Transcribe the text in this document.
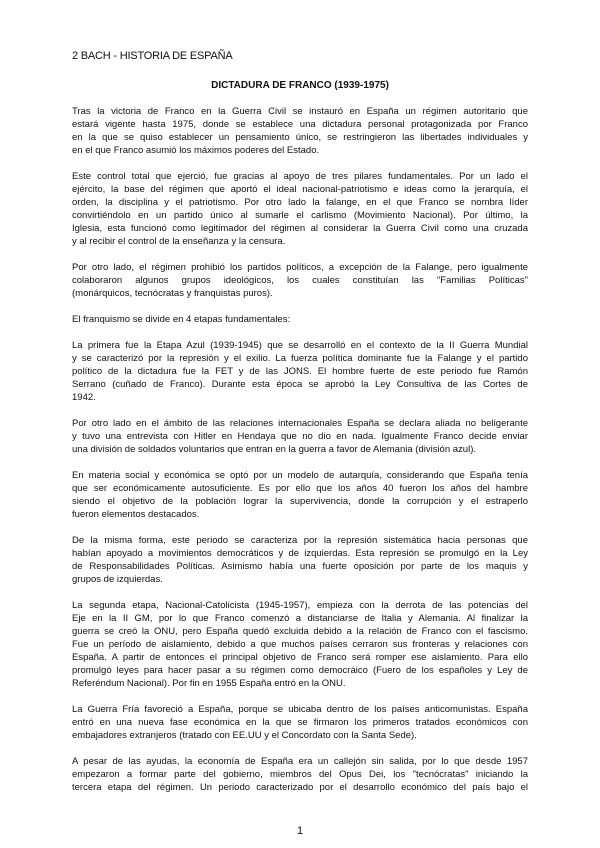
2 BACH - HISTORIA DE ESPAÑA
DICTADURA DE FRANCO (1939-1975)
Tras la victoria de Franco en la Guerra Civil se instauró en España un régimen autoritario que
estará vigente hasta 1975, donde se establece una dictadura personal protagonizada por Franco
en la que se quiso establecer un pensamiento único, se restringieron las libertades individuales y
en el que Franco asumió los máximos poderes del Estado.
Este control total que ejerció, fue gracias al apoyo de tres pilares fundamentales. Por un lado el
ejército, la base del régimen que aportó el ideal nacional-patriotismo e ideas como la jerarquía, el
orden, la disciplina y el patriotismo. Por otro lado la falange, en el que Franco se nombra líder
convirtiéndolo en un partido único al sumarle el carlismo (Movimiento Nacional). Por último, la
Iglesia, esta funcionó como legitimador del régimen al considerar la Guerra Civil como una cruzada
y al recibir el control de la enseñanza y la censura.
Por otro lado, el régimen prohibió los partidos políticos, a excepción de la Falange, pero igualmente
colaboraron algunos grupos ideológicos, los cuales constituían las "Familias Políticas"
(monárquicos, tecnócratas y franquistas puros).
El franquismo se divide en 4 etapas fundamentales:
La primera fue la Etapa Azul (1939-1945) que se desarrolló en el contexto de la II Guerra Mundial
y se caracterizó por la represión y el exilio. La fuerza política dominante fue la Falange y el partido
político de la dictadura fue la FET y de las JONS. El hombre fuerte de este periodo fue Ramón
Serrano (cuñado de Franco). Durante esta época se aprobó la Ley Consultiva de las Cortes de
1942.
Por otro lado en el ámbito de las relaciones internacionales España se declara aliada no beligerante
y tuvo una entrevista con Hitler en Hendaya que no dio en nada. Igualmente Franco decide enviar
una división de soldados voluntarios que entran en la guerra a favor de Alemania (división azul).
En materia social y económica se optó por un modelo de autarquía, considerando que España tenía
que ser económicamente autosuficiente. Es por ello que los años 40 fueron los años del hambre
siendo el objetivo de la población lograr la supervivencia, donde la corrupción y el estraperlo
fueron elementos destacados.
De la misma forma, este periodo se caracteriza por la represión sistemática hacia personas que
habían apoyado a movimientos democráticos y de izquierdas. Esta represión se promulgó en la Ley
de Responsabilidades Políticas. Asimismo había una fuerte oposición por parte de los maquis y
grupos de izquierdas.
La segunda etapa, Nacional-Catolicista (1945-1957), empieza con la derrota de las potencias del
Eje en la II GM, por lo que Franco comenzó a distanciarse de Italia y Alemania. Al finalizar la
guerra se creó la ONU, pero España quedó excluida debido a la relación de Franco con el fascismo.
Fue un período de aislamiento, debido a que muchos países cerraron sus fronteras y relaciones con
España. A partir de entonces el principal objetivo de Franco será romper ese aislamiento. Para ello
promulgó leyes para hacer pasar a su régimen como democráico (Fuero de los españoles y Ley de
Referéndum Nacional). Por fin en 1955 España entró en la ONU.
La Guerra Fría favoreció a España, porque se ubicaba dentro de los países anticomunistas. España
entró en una nueva fase económica en la que se firmaron los primeros tratados económicos con
embajadores extranjeros (tratado con EE.UU y el Concordato con la Santa Sede).
A pesar de las ayudas, la economía de España era un callejón sin salida, por lo que desde 1957
empezaron a formar parte del gobierno, miembros del Opus Dei, los "tecnócratas" iniciando la
tercera etapa del régimen. Un periodo caracterizado por el desarrollo económico del país bajo el
1
